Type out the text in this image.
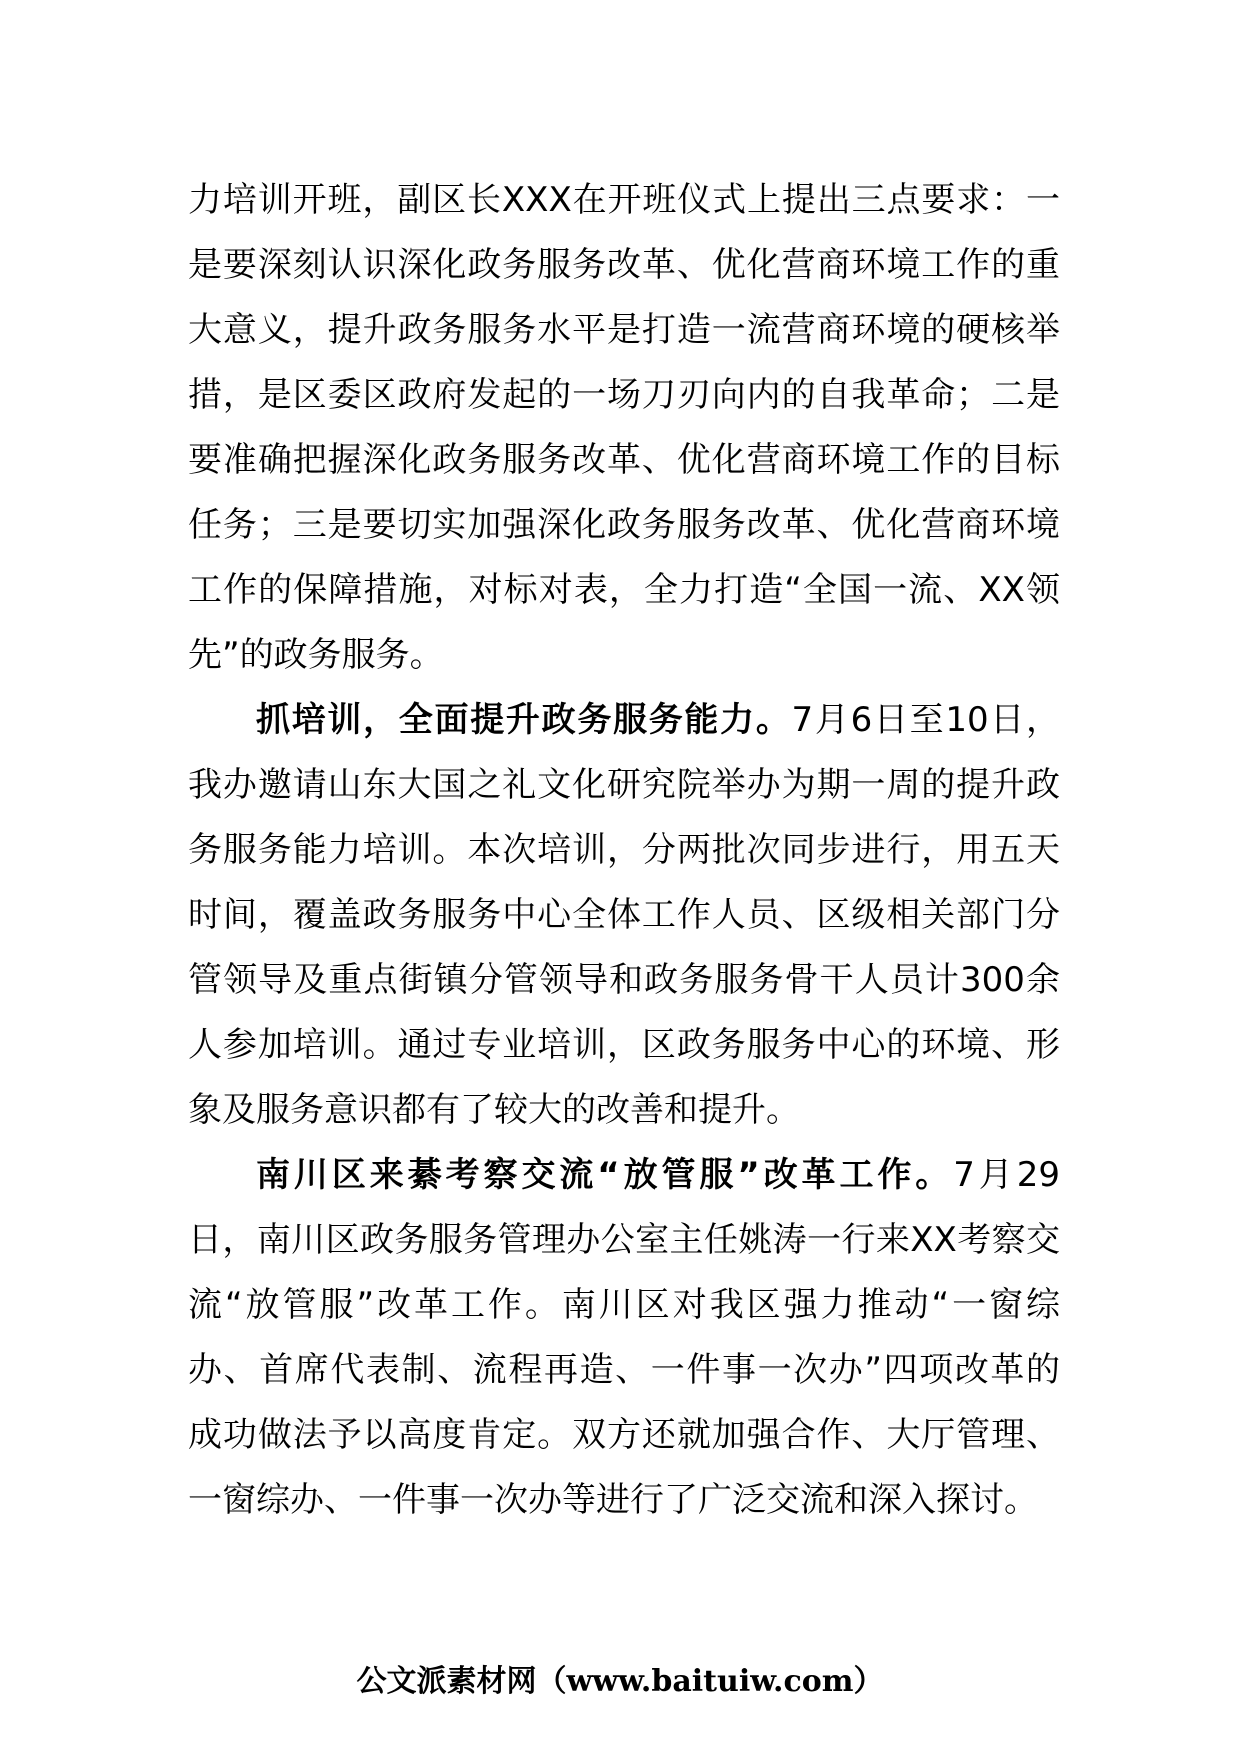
力培训开班，副区长XXX在开班仪式上提出三点要求：一
是要深刻认识深化政务服务改革、优化营商环境工作的重
大意义，提升政务服务水平是打造一流营商环境的硬核举
措，是区委区政府发起的一场刀刃向内的自我革命；二是
要准确把握深化政务服务改革、优化营商环境工作的目标
任务；三是要切实加强深化政务服务改革、优化营商环境
工作的保障措施，对标对表，全力打造“全国一流、XX领
先”的政务服务。
抓培训，全面提升政务服务能力。7月6日至10日，
我办邀请山东大国之礼文化研究院举办为期一周的提升政
务服务能力培训。本次培训，分两批次同步进行，用五天
时间，覆盖政务服务中心全体工作人员、区级相关部门分
管领导及重点街镇分管领导和政务服务骨干人员计300余
人参加培训。通过专业培训，区政务服务中心的环境、形
象及服务意识都有了较大的改善和提升。
南川区来綦考察交流“放管服”改革工作。7月29
日，南川区政务服务管理办公室主任姚涛一行来XX考察交
流“放管服”改革工作。南川区对我区强力推动“一窗综
办、首席代表制、流程再造、一件事一次办”四项改革的
成功做法予以高度肯定。双方还就加强合作、大厅管理、
一窗综办、一件事一次办等进行了广泛交流和深入探讨。
公文派素材网（www.baituiw.com）
